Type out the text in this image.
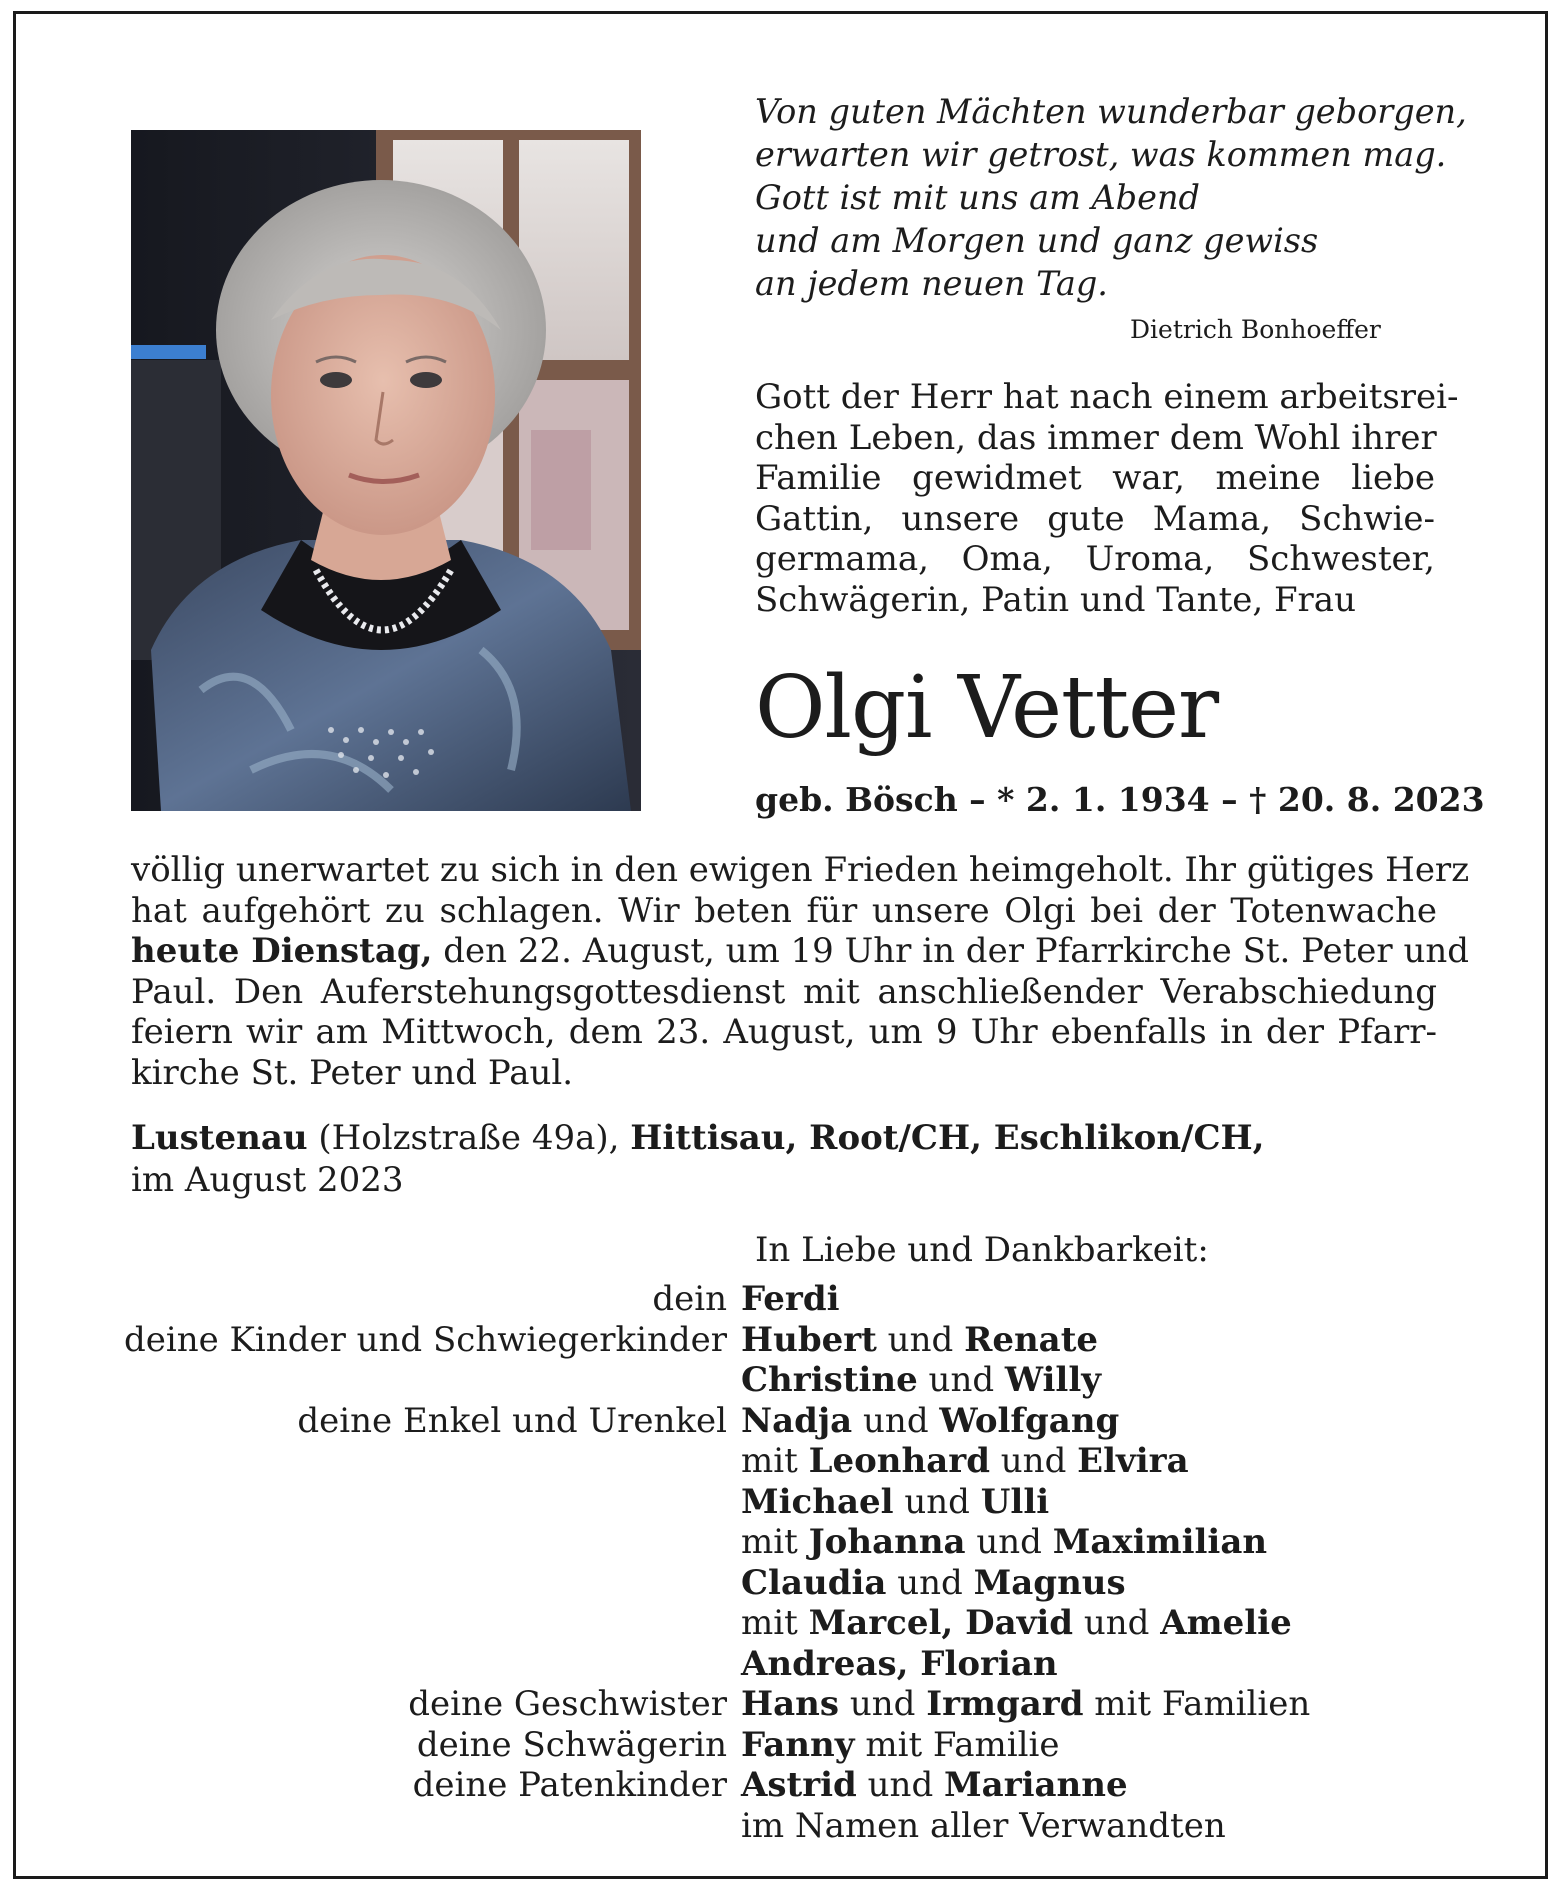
Von guten Mächten wunderbar geborgen,
erwarten wir getrost, was kommen mag.
Gott ist mit uns am Abend
und am Morgen und ganz gewiss
an jedem neuen Tag.
Dietrich Bonhoeffer
Gott der Herr hat nach einem arbeitsrei-
chen Leben, das immer dem Wohl ihrer
Familie gewidmet war, meine liebe
Gattin, unsere gute Mama, Schwie-
germama, Oma, Uroma, Schwester,
Schwägerin, Patin und Tante, Frau
Olgi Vetter
geb. Bösch – * 2. 1. 1934 – † 20. 8. 2023
völlig unerwartet zu sich in den ewigen Frieden heimgeholt. Ihr gütiges Herz
hat aufgehört zu schlagen. Wir beten für unsere Olgi bei der Totenwache
heute Dienstag, den 22. August, um 19 Uhr in der Pfarrkirche St. Peter und
Paul. Den Auferstehungsgottesdienst mit anschließender Verabschiedung
feiern wir am Mittwoch, dem 23. August, um 9 Uhr ebenfalls in der Pfarr-
kirche St. Peter und Paul.
Lustenau (Holzstraße 49a), Hittisau, Root/CH, Eschlikon/CH,
im August 2023
In Liebe und Dankbarkeit:
dein Ferdi
deine Kinder und Schwiegerkinder Hubert und Renate
Christine und Willy
deine Enkel und Urenkel Nadja und Wolfgang
mit Leonhard und Elvira
Michael und Ulli
mit Johanna und Maximilian
Claudia und Magnus
mit Marcel, David und Amelie
Andreas, Florian
deine Geschwister Hans und Irmgard mit Familien
deine Schwägerin Fanny mit Familie
deine Patenkinder Astrid und Marianne
im Namen aller Verwandten
